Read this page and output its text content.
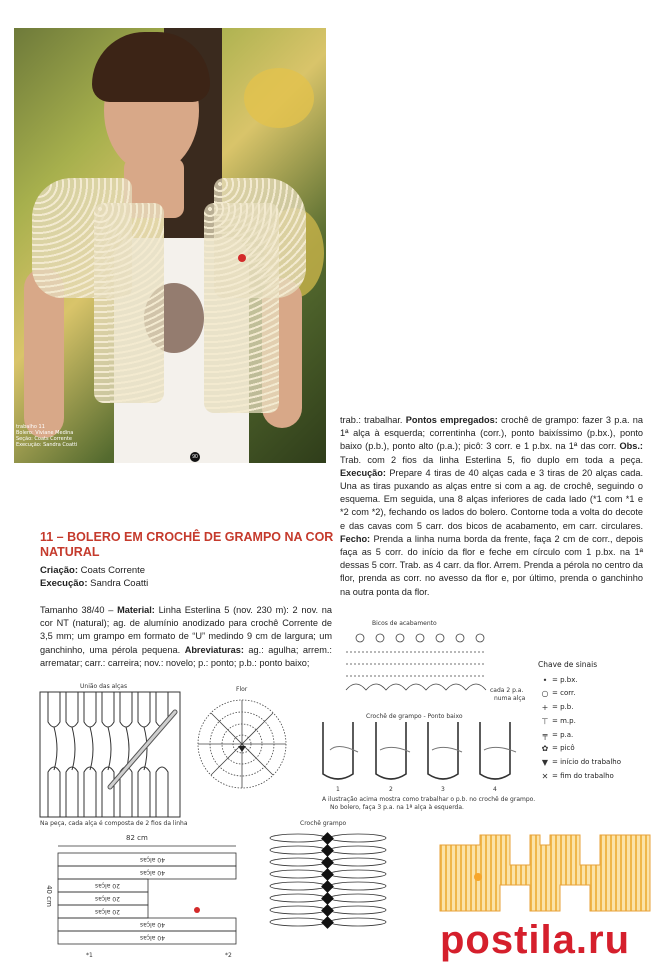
trabalho 11
Bolero: Viviane Medina
Seção: Coats Corrente
Execução: Sandra Coatti
90
trab.: trabalhar. Pontos empregados: crochê de grampo: fazer 3 p.a. na 1ª alça à esquerda; correntinha (corr.), ponto baixíssimo (p.bx.), ponto baixo (p.b.), ponto alto (p.a.); picô: 3 corr. e 1 p.bx. na 1ª das corr. Obs.: Trab. com 2 fios da linha Esterlina 5, fio duplo em toda a peça. Execução: Prepare 4 tiras de 40 alças cada e 3 tiras de 20 alças cada. Una as tiras puxando as alças entre si com a ag. de crochê, seguindo o esquema. Em seguida, una 8 alças inferiores de cada lado (*1 com *1 e *2 com *2), fechando os lados do bolero. Contorne toda a volta do decote e das cavas com 5 carr. dos bicos de acabamento, em carr. circulares. Fecho: Prenda a linha numa borda da frente, faça 2 cm de corr., depois faça as 5 corr. do início da flor e feche em círculo com 1 p.bx. na 1ª dessas 5 corr. Trab. as 4 carr. da flor. Arrem. Prenda a pérola no centro da flor, prenda as corr. no avesso da flor e, por último, prenda o ganchinho na outra ponta da flor.
11 – BOLERO EM CROCHÊ DE GRAMPO NA COR NATURAL
Criação: Coats Corrente
Execução: Sandra Coatti
Tamanho 38/40 – Material: Linha Esterlina 5 (nov. 230 m): 2 nov. na cor NT (natural); ag. de alumínio anodizado para crochê Corrente de 3,5 mm; um grampo em formato de “U” medindo 9 cm de largura; um ganchinho, uma pérola pequena. Abreviaturas: ag.: agulha; arrem.: arrematar; carr.: carreira; nov.: novelo; p.: ponto; p.b.: ponto baixo;
União das alças
Na peça, cada alça é composta de 2 fios da linha
Flor
Bicos de acabamento
cada 2 p.a.
numa alça
Chave de sinais
• = p.bx.
○ = corr.
+ = p.b.
⊤ = m.p.
╤ = p.a.
✿ = picô
▼ = início do trabalho
✕ = fim do trabalho
Crochê de grampo - Ponto baixo
1	2	3	4
A ilustração acima mostra como trabalhar o p.b. no crochê de grampo.
No bolero, faça 3 p.a. na 1ª alça à esquerda.
82 cm
40 cm
40 alças
40 alças
20 alças
20 alças
20 alças
40 alças
40 alças
*1	*2
Crochê grampo
postila.ru
